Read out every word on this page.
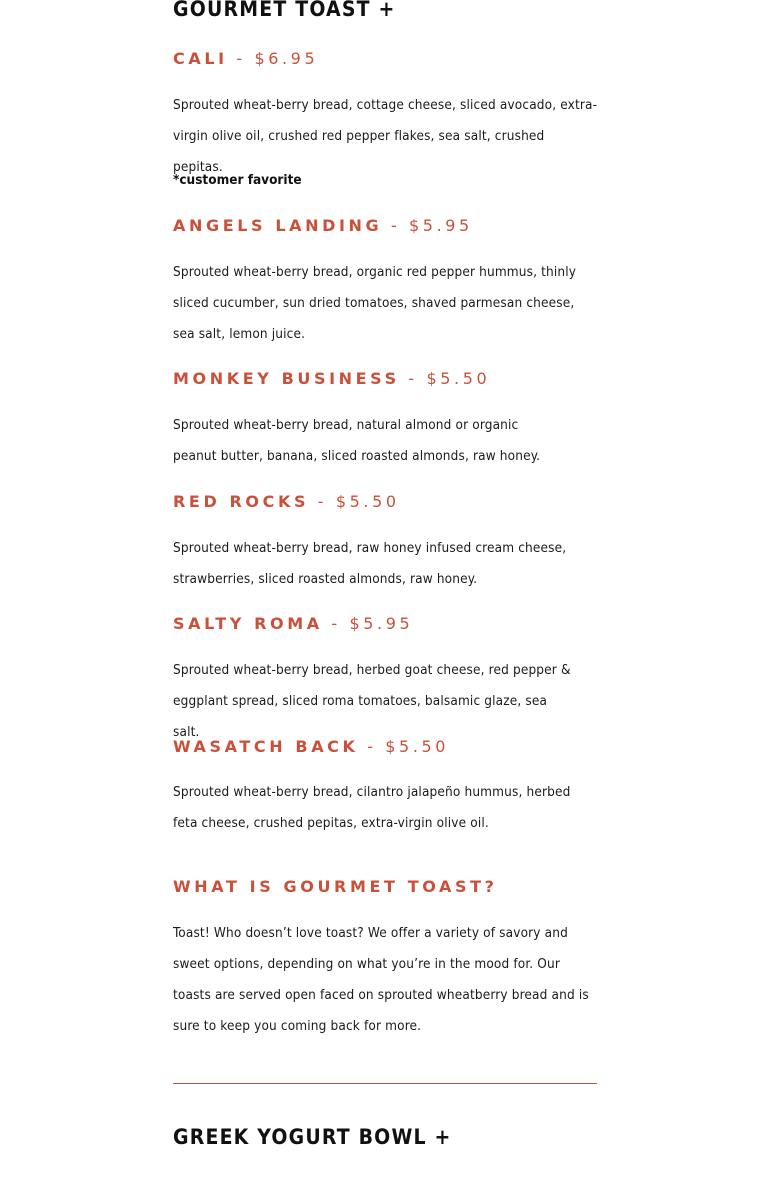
GOURMET TOAST +
CALI - $6.95

Sprouted wheat-berry bread, cottage cheese, sliced avocado, extra-virgin olive oil, crushed red pepper flakes, sea salt, crushed pepitas.

*customer favorite

ANGELS LANDING - $5.95

Sprouted wheat-berry bread, organic red pepper hummus, thinly sliced cucumber, sun dried tomatoes, shaved parmesan cheese, sea salt, lemon juice.

MONKEY BUSINESS - $5.50

Sprouted wheat-berry bread, natural almond or organic peanut butter, banana, sliced roasted almonds, raw honey.

RED ROCKS - $5.50

Sprouted wheat-berry bread, raw honey infused cream cheese, strawberries, sliced roasted almonds, raw honey.

SALTY ROMA - $5.95

Sprouted wheat-berry bread, herbed goat cheese, red pepper & eggplant spread, sliced roma tomatoes, balsamic glaze, sea salt.

WASATCH BACK - $5.50

Sprouted wheat-berry bread, cilantro jalapeño hummus, herbed feta cheese, crushed pepitas, extra-virgin olive oil.

WHAT IS GOURMET TOAST?

Toast! Who doesn’t love toast? We offer a variety of savory and sweet options, depending on what you’re in the mood for. Our toasts are served open faced on sprouted wheatberry bread and is sure to keep you coming back for more.

GREEK YOGURT BOWL +
